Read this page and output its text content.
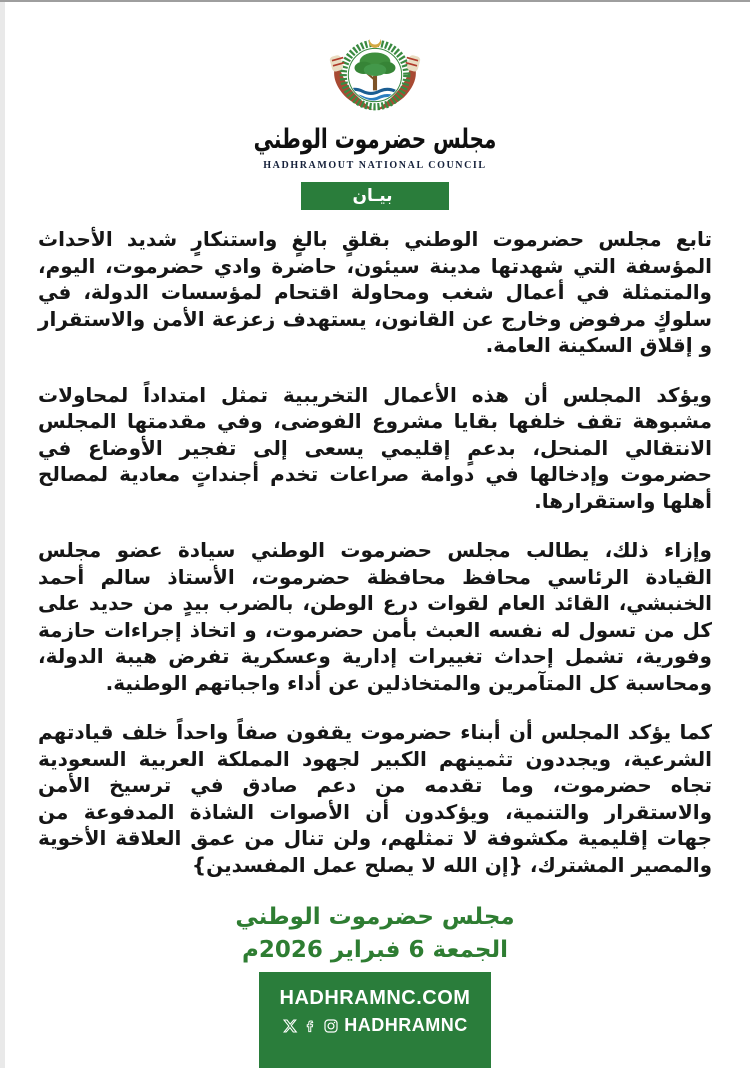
مجلس حضرموت الوطني
HADHRAMOUT NATIONAL COUNCIL
بيـان

تابع مجلس حضرموت الوطني بقلقٍ بالغٍ واستنكارٍ شديد الأحداث المؤسفة التي شهدتها مدينة سيئون، حاضرة وادي حضرموت، اليوم، والمتمثلة في أعمال شغب ومحاولة اقتحام لمؤسسات الدولة، في سلوكٍ مرفوض وخارج عن القانون، يستهدف زعزعة الأمن والاستقرار و إقلاق السكينة العامة.

ويؤكد المجلس أن هذه الأعمال التخريبية تمثل امتداداً لمحاولات مشبوهة تقف خلفها بقايا مشروع الفوضى، وفي مقدمتها المجلس الانتقالي المنحل، بدعمٍ إقليمي يسعى إلى تفجير الأوضاع في حضرموت وإدخالها في دوامة صراعات تخدم أجنداتٍ معادية لمصالح أهلها واستقرارها.

وإزاء ذلك، يطالب مجلس حضرموت الوطني سيادة عضو مجلس القيادة الرئاسي محافظ محافظة حضرموت، الأستاذ سالم أحمد الخنبشي، القائد العام لقوات درع الوطن، بالضرب بيدٍ من حديد على كل من تسول له نفسه العبث بأمن حضرموت، و اتخاذ إجراءات حازمة وفورية، تشمل إحداث تغييرات إدارية وعسكرية تفرض هيبة الدولة، ومحاسبة كل المتآمرين والمتخاذلين عن أداء واجباتهم الوطنية.

كما يؤكد المجلس أن أبناء حضرموت يقفون صفاً واحداً خلف قيادتهم الشرعية، ويجددون تثمينهم الكبير لجهود المملكة العربية السعودية تجاه حضرموت، وما تقدمه من دعم صادق في ترسيخ الأمن والاستقرار والتنمية، ويؤكدون أن الأصوات الشاذة المدفوعة من جهات إقليمية مكشوفة لا تمثلهم، ولن تنال من عمق العلاقة الأخوية والمصير المشترك، {إن الله لا يصلح عمل المفسدين}

مجلس حضرموت الوطني
الجمعة 6 فبراير 2026م
HADHRAMNC.COM
HADHRAMNC
